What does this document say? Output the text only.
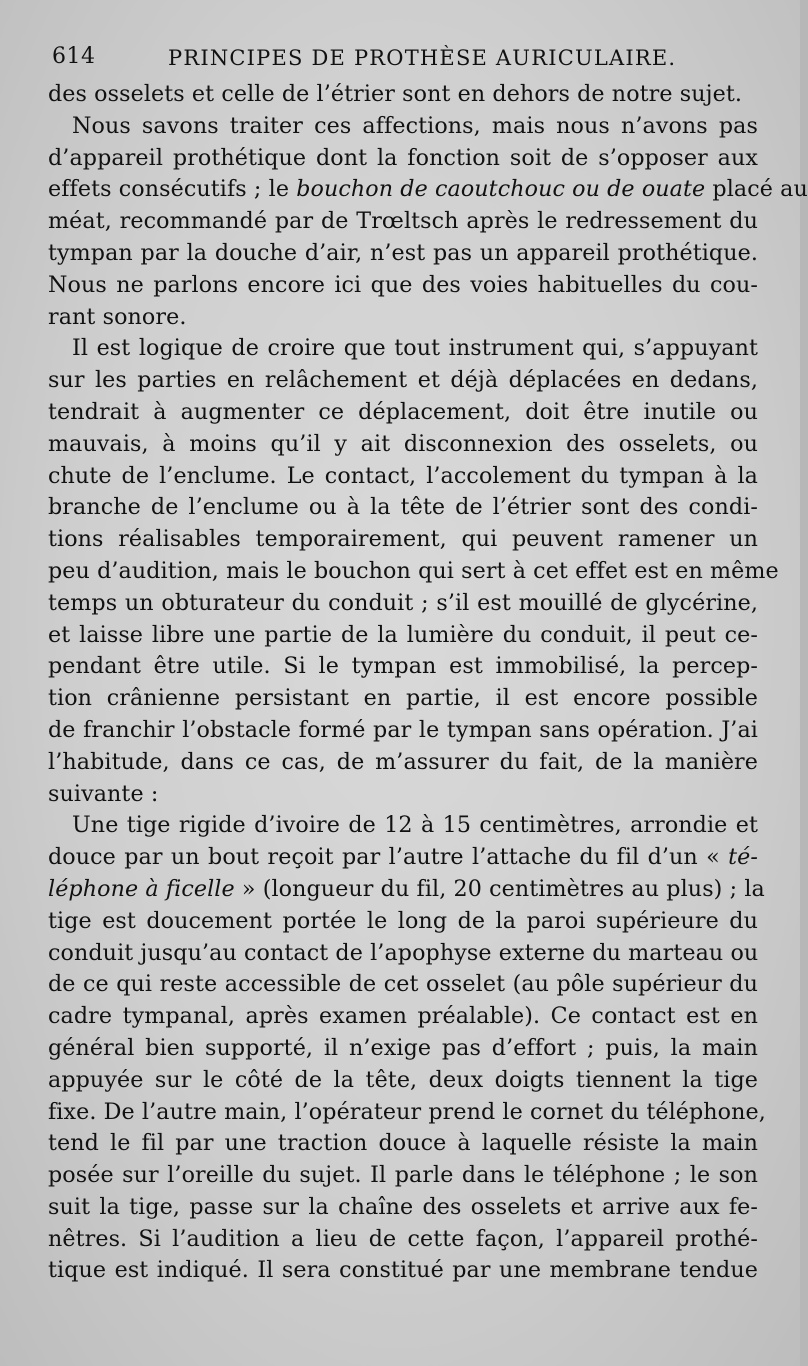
614	PRINCIPES DE PROTHÈSE AURICULAIRE.
des osselets et celle de l’étrier sont en dehors de notre sujet.
Nous savons traiter ces affections, mais nous n’avons pas
d’appareil prothétique dont la fonction soit de s’opposer aux
effets consécutifs ; le bouchon de caoutchouc ou de ouate placé au
méat, recommandé par de Trœltsch après le redressement du
tympan par la douche d’air, n’est pas un appareil prothétique.
Nous ne parlons encore ici que des voies habituelles du cou-
rant sonore.
Il est logique de croire que tout instrument qui, s’appuyant
sur les parties en relâchement et déjà déplacées en dedans,
tendrait à augmenter ce déplacement, doit être inutile ou
mauvais, à moins qu’il y ait disconnexion des osselets, ou
chute de l’enclume. Le contact, l’accolement du tympan à la
branche de l’enclume ou à la tête de l’étrier sont des condi-
tions réalisables temporairement, qui peuvent ramener un
peu d’audition, mais le bouchon qui sert à cet effet est en même
temps un obturateur du conduit ; s’il est mouillé de glycérine,
et laisse libre une partie de la lumière du conduit, il peut ce-
pendant être utile. Si le tympan est immobilisé, la percep-
tion crânienne persistant en partie, il est encore possible
de franchir l’obstacle formé par le tympan sans opération. J’ai
l’habitude, dans ce cas, de m’assurer du fait, de la manière
suivante :
Une tige rigide d’ivoire de 12 à 15 centimètres, arrondie et
douce par un bout reçoit par l’autre l’attache du fil d’un « té-
léphone à ficelle » (longueur du fil, 20 centimètres au plus) ; la
tige est doucement portée le long de la paroi supérieure du
conduit jusqu’au contact de l’apophyse externe du marteau ou
de ce qui reste accessible de cet osselet (au pôle supérieur du
cadre tympanal, après examen préalable). Ce contact est en
général bien supporté, il n’exige pas d’effort ; puis, la main
appuyée sur le côté de la tête, deux doigts tiennent la tige
fixe. De l’autre main, l’opérateur prend le cornet du téléphone,
tend le fil par une traction douce à laquelle résiste la main
posée sur l’oreille du sujet. Il parle dans le téléphone ; le son
suit la tige, passe sur la chaîne des osselets et arrive aux fe-
nêtres. Si l’audition a lieu de cette façon, l’appareil prothé-
tique est indiqué. Il sera constitué par une membrane tendue
